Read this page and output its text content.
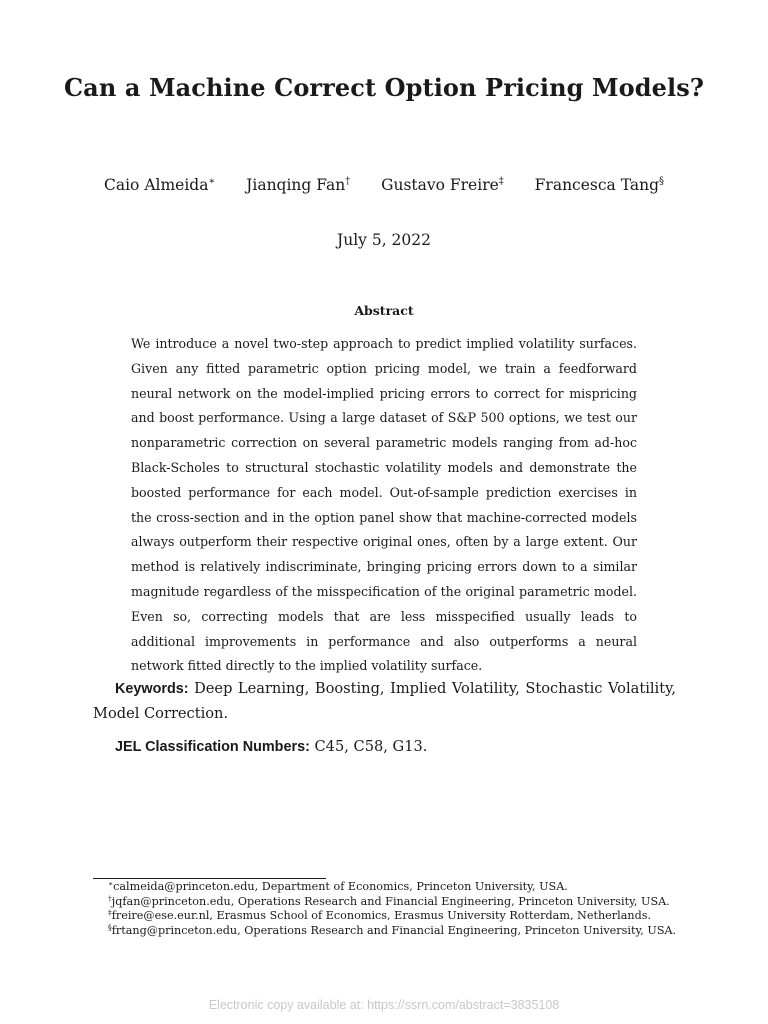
Can a Machine Correct Option Pricing Models?
Caio Almeida∗ Jianqing Fan† Gustavo Freire‡ Francesca Tang§
July 5, 2022
Abstract
We introduce a novel two-step approach to predict implied volatility surfaces. Given any fitted parametric option pricing model, we train a feedforward neural network on the model-implied pricing errors to correct for mispricing and boost performance. Using a large dataset of S&P 500 options, we test our nonparametric correction on several parametric models ranging from ad-hoc Black-Scholes to structural stochastic volatility models and demonstrate the boosted performance for each model. Out-of-sample prediction exercises in the cross-section and in the option panel show that machine-corrected models always outperform their respective original ones, often by a large extent. Our method is relatively indiscriminate, bringing pricing errors down to a similar magnitude regardless of the misspecification of the original parametric model. Even so, correcting models that are less misspecified usually leads to additional improvements in performance and also outperforms a neural network fitted directly to the implied volatility surface.
Keywords: Deep Learning, Boosting, Implied Volatility, Stochastic Volatility, Model Correction.
JEL Classification Numbers: C45, C58, G13.
∗calmeida@princeton.edu, Department of Economics, Princeton University, USA.
†jqfan@princeton.edu, Operations Research and Financial Engineering, Princeton University, USA.
‡freire@ese.eur.nl, Erasmus School of Economics, Erasmus University Rotterdam, Netherlands.
§frtang@princeton.edu, Operations Research and Financial Engineering, Princeton University, USA.
Electronic copy available at: https://ssrn.com/abstract=3835108
